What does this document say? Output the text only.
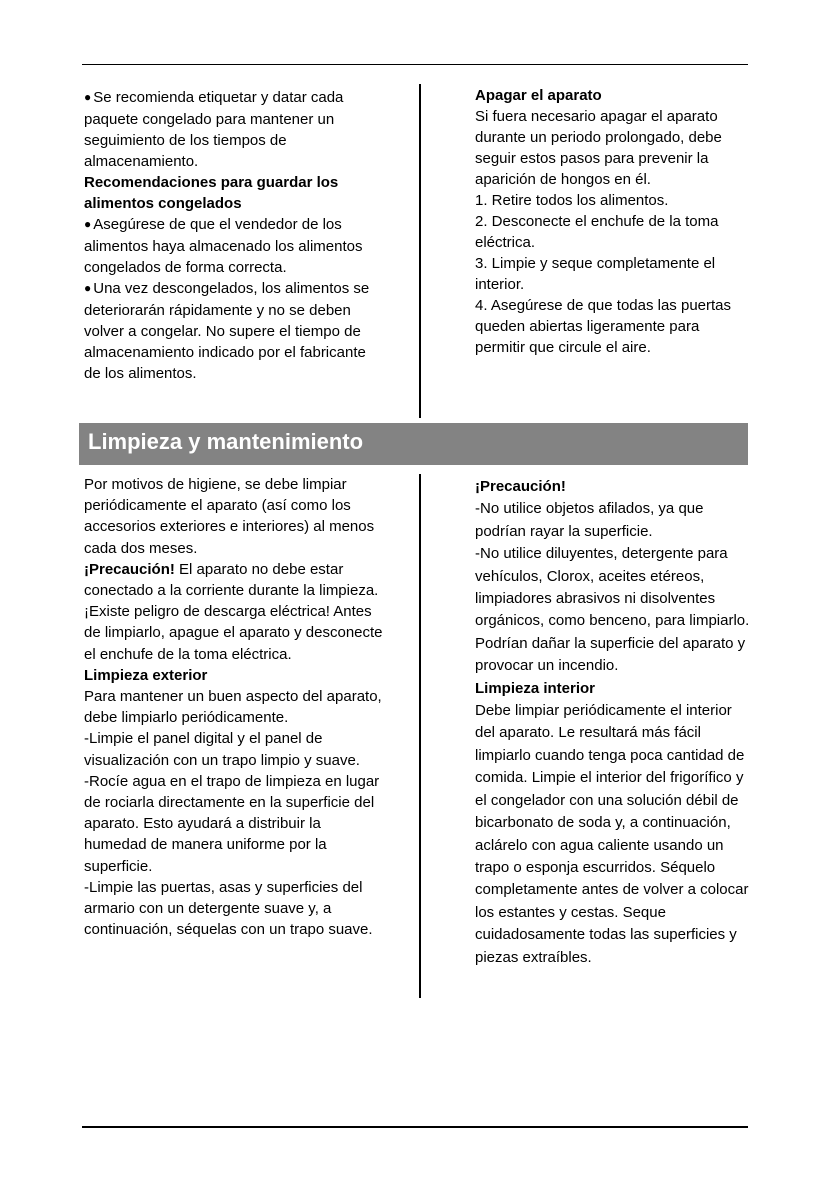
● Se recomienda etiquetar y datar cada paquete congelado para mantener un seguimiento de los tiempos de almacenamiento.

Recomendaciones para guardar los alimentos congelados

● Asegúrese de que el vendedor de los alimentos haya almacenado los alimentos congelados de forma correcta.

● Una vez descongelados, los alimentos se deteriorarán rápidamente y no se deben volver a congelar. No supere el tiempo de almacenamiento indicado por el fabricante de los alimentos.

Apagar el aparato

Si fuera necesario apagar el aparato durante un periodo prolongado, debe seguir estos pasos para prevenir la aparición de hongos en él.

1. Retire todos los alimentos.

2. Desconecte el enchufe de la toma eléctrica.

3. Limpie y seque completamente el interior.

4. Asegúrese de que todas las puertas queden abiertas ligeramente para permitir que circule el aire.

Limpieza y mantenimiento

Por motivos de higiene, se debe limpiar periódicamente el aparato (así como los accesorios exteriores e interiores) al menos cada dos meses.

¡Precaución! El aparato no debe estar conectado a la corriente durante la limpieza. ¡Existe peligro de descarga eléctrica! Antes de limpiarlo, apague el aparato y desconecte el enchufe de la toma eléctrica.

Limpieza exterior

Para mantener un buen aspecto del aparato, debe limpiarlo periódicamente.

-Limpie el panel digital y el panel de visualización con un trapo limpio y suave.

-Rocíe agua en el trapo de limpieza en lugar de rociarla directamente en la superficie del aparato. Esto ayudará a distribuir la humedad de manera uniforme por la superficie.

-Limpie las puertas, asas y superficies del armario con un detergente suave y, a continuación, séquelas con un trapo suave.

¡Precaución!

-No utilice objetos afilados, ya que podrían rayar la superficie.

-No utilice diluyentes, detergente para vehículos, Clorox, aceites etéreos, limpiadores abrasivos ni disolventes orgánicos, como benceno, para limpiarlo. Podrían dañar la superficie del aparato y provocar un incendio.

Limpieza interior

Debe limpiar periódicamente el interior del aparato. Le resultará más fácil limpiarlo cuando tenga poca cantidad de comida. Limpie el interior del frigorífico y el congelador con una solución débil de bicarbonato de soda y, a continuación, aclárelo con agua caliente usando un trapo o esponja escurridos. Séquelo completamente antes de volver a colocar los estantes y cestas. Seque cuidadosamente todas las superficies y piezas extraíbles.
